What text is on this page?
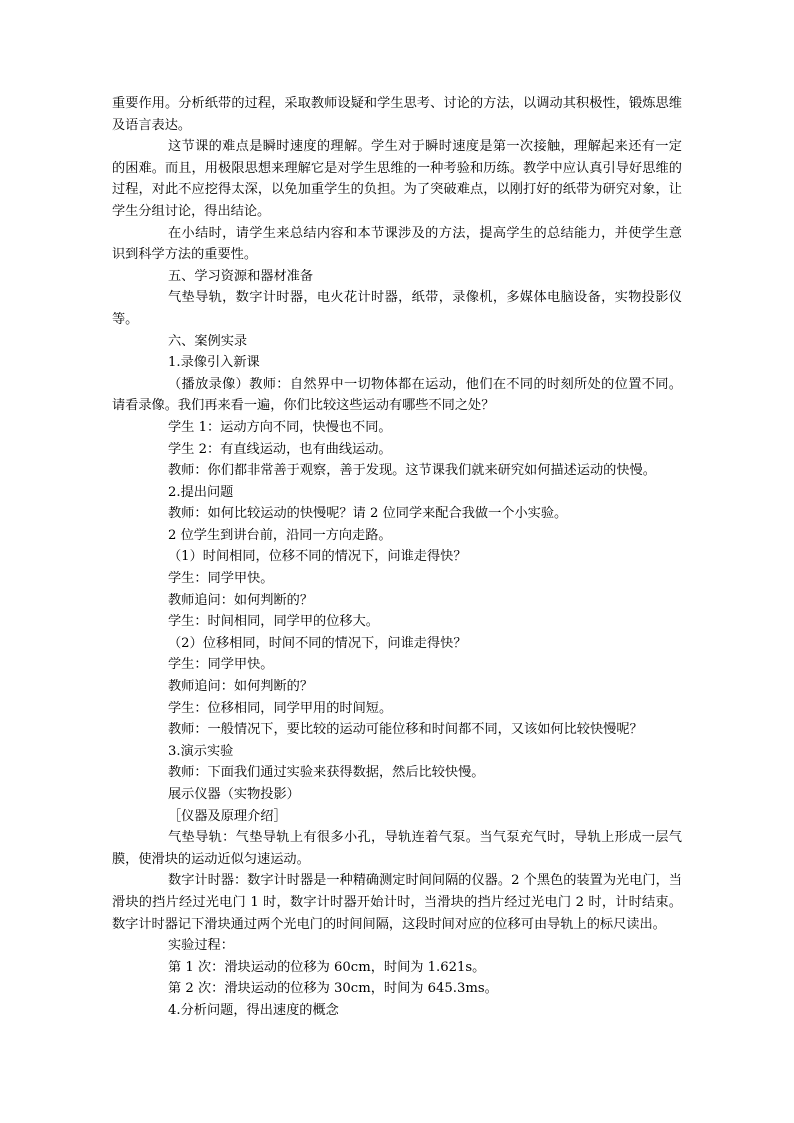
重要作用。分析纸带的过程，采取教师设疑和学生思考、讨论的方法，以调动其积极性，锻炼思维及语言表达。

这节课的难点是瞬时速度的理解。学生对于瞬时速度是第一次接触，理解起来还有一定的困难。而且，用极限思想来理解它是对学生思维的一种考验和历练。教学中应认真引导好思维的过程，对此不应挖得太深，以免加重学生的负担。为了突破难点，以刚打好的纸带为研究对象，让学生分组讨论，得出结论。

在小结时，请学生来总结内容和本节课涉及的方法，提高学生的总结能力，并使学生意识到科学方法的重要性。

五、学习资源和器材准备

气垫导轨，数字计时器，电火花计时器，纸带，录像机，多媒体电脑设备，实物投影仪等。

六、案例实录

1.录像引入新课

（播放录像）教师：自然界中一切物体都在运动，他们在不同的时刻所处的位置不同。请看录像。我们再来看一遍，你们比较这些运动有哪些不同之处？

学生 1：运动方向不同，快慢也不同。

学生 2：有直线运动，也有曲线运动。

教师：你们都非常善于观察，善于发现。这节课我们就来研究如何描述运动的快慢。

2.提出问题

教师：如何比较运动的快慢呢？请 2 位同学来配合我做一个小实验。

2 位学生到讲台前，沿同一方向走路。

（1）时间相同，位移不同的情况下，问谁走得快？

学生：同学甲快。

教师追问：如何判断的？

学生：时间相同，同学甲的位移大。

（2）位移相同，时间不同的情况下，问谁走得快？

学生：同学甲快。

教师追问：如何判断的？

学生：位移相同，同学甲用的时间短。

教师：一般情况下，要比较的运动可能位移和时间都不同，又该如何比较快慢呢？

3.演示实验

教师：下面我们通过实验来获得数据，然后比较快慢。

展示仪器（实物投影）

［仪器及原理介绍］

气垫导轨：气垫导轨上有很多小孔，导轨连着气泵。当气泵充气时，导轨上形成一层气膜，使滑块的运动近似匀速运动。

数字计时器：数字计时器是一种精确测定时间间隔的仪器。2 个黑色的装置为光电门，当滑块的挡片经过光电门 1 时，数字计时器开始计时，当滑块的挡片经过光电门 2 时，计时结束。数字计时器记下滑块通过两个光电门的时间间隔，这段时间对应的位移可由导轨上的标尺读出。

实验过程：

第 1 次：滑块运动的位移为 60cm，时间为 1.621s。

第 2 次：滑块运动的位移为 30cm，时间为 645.3ms。

4.分析问题，得出速度的概念
